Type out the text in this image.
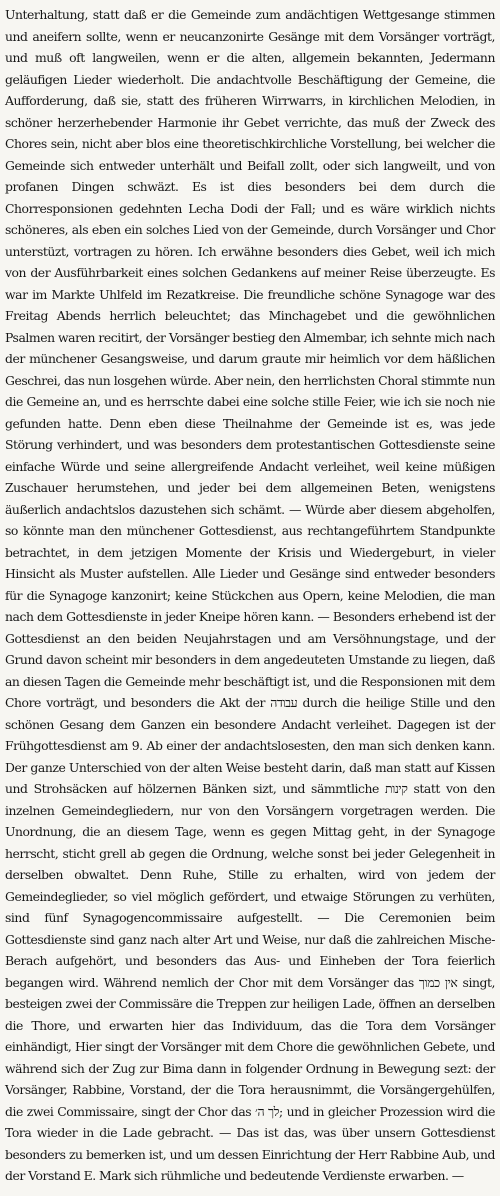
Unterhaltung, statt daß er die Gemeinde zum andächtigen Wettgesange stimmen und aneifern sollte, wenn er neucanzonirte Gesänge mit dem Vorsänger vorträgt, und muß oft langweilen, wenn er die alten, allgemein bekannten, Jedermann geläufigen Lieder wiederholt. Die andachtvolle Beschäftigung der Gemeine, die Aufforderung, daß sie, statt des früheren Wirrwarrs, in kirchlichen Melodien, in schöner herzerhebender Harmonie ihr Gebet verrichte, das muß der Zweck des Chores sein, nicht aber blos eine theoretischkirchliche Vorstellung, bei welcher die Gemeinde sich entweder unterhält und Beifall zollt, oder sich langweilt, und von profanen Dingen schwäzt. Es ist dies besonders bei dem durch die Chorresponsionen gedehnten Lecha Dodi der Fall; und es wäre wirklich nichts schöneres, als eben ein solches Lied von der Gemeinde, durch Vorsänger und Chor unterstüzt, vortragen zu hören. Ich erwähne besonders dies Gebet, weil ich mich von der Ausführbarkeit eines solchen Gedankens auf meiner Reise überzeugte. Es war im Markte Uhlfeld im Rezatkreise. Die freundliche schöne Synagoge war des Freitag Abends herrlich beleuchtet; das Minchagebet und die gewöhnlichen Psalmen waren recitirt, der Vorsänger bestieg den Almembar, ich sehnte mich nach der münchener Gesangsweise, und darum graute mir heimlich vor dem häßlichen Geschrei, das nun losgehen würde. Aber nein, den herrlichsten Choral stimmte nun die Gemeine an, und es herrschte dabei eine solche stille Feier, wie ich sie noch nie gefunden hatte. Denn eben diese Theilnahme der Gemeinde ist es, was jede Störung verhindert, und was besonders dem protestantischen Gottesdienste seine einfache Würde und seine allergreifende Andacht verleihet, weil keine müßigen Zuschauer herumstehen, und jeder bei dem allgemeinen Beten, wenigstens äußerlich andachtslos dazustehen sich schämt. — Würde aber diesem abgeholfen, so könnte man den münchener Gottesdienst, aus rechtangeführtem Standpunkte betrachtet, in dem jetzigen Momente der Krisis und Wiedergeburt, in vieler Hinsicht als Muster aufstellen. Alle Lieder und Gesänge sind entweder besonders für die Synagoge kanzonirt; keine Stückchen aus Opern, keine Melodien, die man nach dem Gottesdienste in jeder Kneipe hören kann. — Besonders erhebend ist der Gottesdienst an den beiden Neujahrstagen und am Versöhnungstage, und der Grund davon scheint mir besonders in dem angedeuteten Umstande zu liegen, daß an diesen Tagen die Gemeinde mehr beschäftigt ist, und die Responsionen mit dem Chore vorträgt, und besonders die Akt der עבודה durch die heilige Stille und den schönen Gesang dem Ganzen ein besondere Andacht verleihet. Dagegen ist der Frühgottesdienst am 9. Ab einer der andachtslosesten, den man sich denken kann. Der ganze Unterschied von der alten Weise besteht darin, daß man statt auf Kissen und Strohsäcken auf hölzernen Bänken sizt, und sämmtliche קינות statt von den inzelnen Gemeindegliedern, nur von den Vorsängern vorgetragen werden. Die Unordnung, die an diesem Tage, wenn es gegen Mittag geht, in der Synagoge herrscht, sticht grell ab gegen die Ordnung, welche sonst bei jeder Gelegenheit in derselben obwaltet. Denn Ruhe, Stille zu erhalten, wird von jedem der Gemeindeglieder, so viel möglich gefördert, und etwaige Störungen zu verhüten, sind fünf Synagogencommissaire aufgestellt. — Die Ceremonien beim Gottesdienste sind ganz nach alter Art und Weise, nur daß die zahlreichen Mische-Berach aufgehört, und besonders das Aus- und Einheben der Tora feierlich begangen wird. Während nemlich der Chor mit dem Vorsänger das אין כמוך singt, besteigen zwei der Commissäre die Treppen zur heiligen Lade, öffnen an derselben die Thore, und erwarten hier das Individuum, das die Tora dem Vorsänger einhändigt, Hier singt der Vorsänger mit dem Chore die gewöhnlichen Gebete, und während sich der Zug zur Bima dann in folgender Ordnung in Bewegung sezt: der Vorsänger, Rabbine, Vorstand, der die Tora herausnimmt, die Vorsängergehülfen, die zwei Commissaire, singt der Chor das לך ה׳; und in gleicher Prozession wird die Tora wieder in die Lade gebracht. — Das ist das, was über unsern Gottesdienst besonders zu bemerken ist, und um dessen Einrichtung der Herr Rabbine Aub, und der Vorstand E. Mark sich rühmliche und bedeutende Verdienste erwarben. —
